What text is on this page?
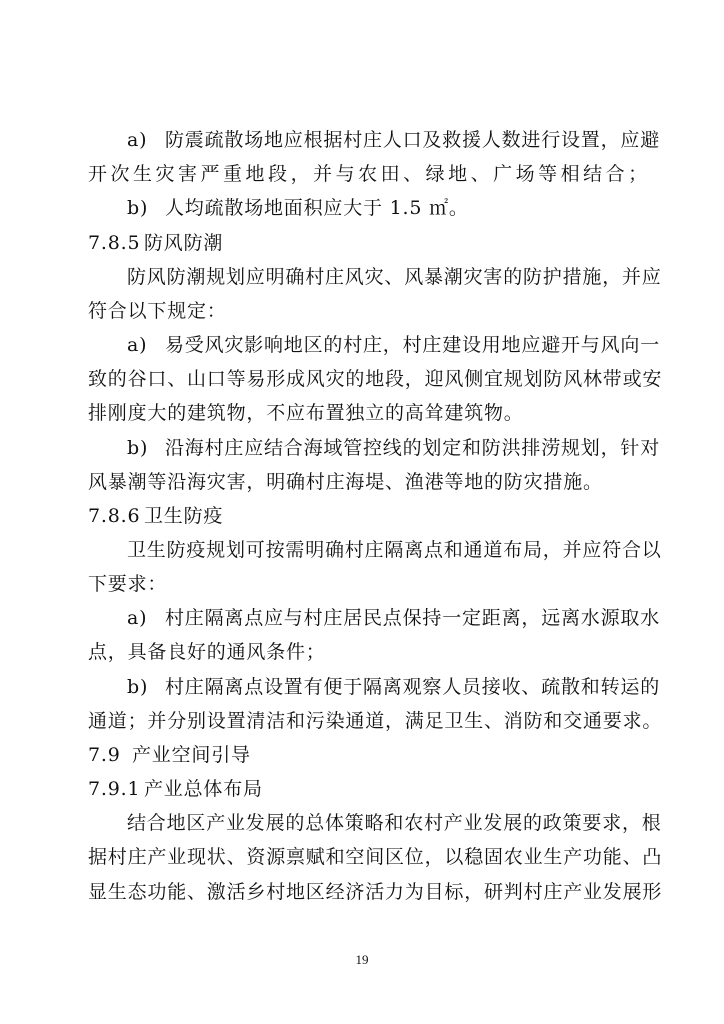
a) 防震疏散场地应根据村庄人口及救援人数进行设置，应避
开次生灾害严重地段，并与农田、绿地、广场等相结合；
b) 人均疏散场地面积应大于 1.5 ㎡。
7.8.5 防风防潮
防风防潮规划应明确村庄风灾、风暴潮灾害的防护措施，并应
符合以下规定：
a) 易受风灾影响地区的村庄，村庄建设用地应避开与风向一
致的谷口、山口等易形成风灾的地段，迎风侧宜规划防风林带或安
排刚度大的建筑物，不应布置独立的高耸建筑物。
b) 沿海村庄应结合海域管控线的划定和防洪排涝规划，针对
风暴潮等沿海灾害，明确村庄海堤、渔港等地的防灾措施。
7.8.6 卫生防疫
卫生防疫规划可按需明确村庄隔离点和通道布局，并应符合以
下要求：
a) 村庄隔离点应与村庄居民点保持一定距离，远离水源取水
点，具备良好的通风条件；
b) 村庄隔离点设置有便于隔离观察人员接收、疏散和转运的
通道；并分别设置清洁和污染通道，满足卫生、消防和交通要求。
7.9 产业空间引导
7.9.1 产业总体布局
结合地区产业发展的总体策略和农村产业发展的政策要求，根
据村庄产业现状、资源禀赋和空间区位，以稳固农业生产功能、凸
显生态功能、激活乡村地区经济活力为目标，研判村庄产业发展形
19
